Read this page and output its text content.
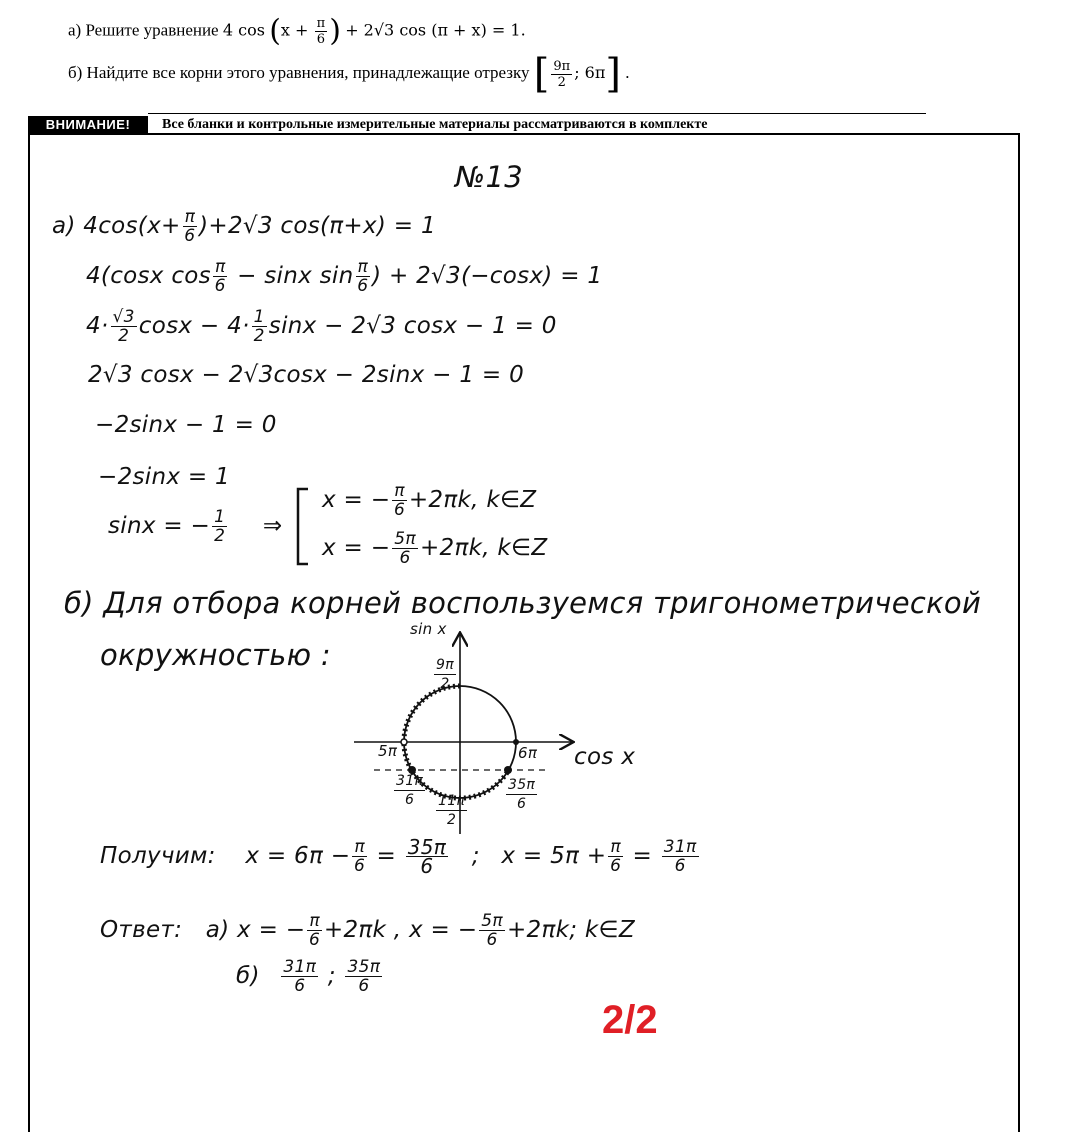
а) Решите уравнение 4 $\cos (x + \frac{\pi}{6}$ ) + 2√3 cos (π + x) = 1.
б) Найдите все корни этого уравнения, принадлежащие отрезку [ $\frac{9\pi}{2}$ ; 6π] .
ВНИМАНИЕ!	Все бланки и контрольные измерительные материалы рассматриваются в комплекте
№13
а) $4\cos(x+ \frac{\pi}{6} )+2√3$ cos(π+x) = 1
4(cosx $\cos \frac{\pi}{6} - \sin x$ $\sin \frac{\pi}{6}$ ) + 2√3(−cosx) = 1
$4\cdot \frac{√3}{2}$ $\cos x - 4\cdot \frac{1}{2}$ sinx − 2√3 cosx − 1 = 0
2√3 cosx − 2√3cosx − 2sinx − 1 = 0
−2sinx − 1 = 0
−2sinx = 1
sinx = − $\frac{1}{2}$ ⇒
x = − $\frac{\pi}{6} +2\pi k$, k∈Z
x = − $\frac{5\pi}{6} +2\pi k$, k∈Z
б) Для отбора корней воспользуемся тригонометрической
окружностью :
sin x
cos x
$\frac{9\pi}{2}$
5π	6π
$\frac{31\pi}{6}$	$\frac{35\pi}{6}$
$\frac{11\pi}{2}$
Получим: $x = 6\pi - \frac{\pi}{6} = \frac{35\pi}{6}$ ; $x = 5\pi + \frac{\pi}{6} = \frac{31\pi}{6}$
Ответ: а) x = − $\frac{\pi}{6} +2\pi k$ , x = − $\frac{5\pi}{6} +2\pi k$; k∈Z
$б) \frac{31\pi}{6}$ ; $\frac{35\pi}{6}$
2/2
